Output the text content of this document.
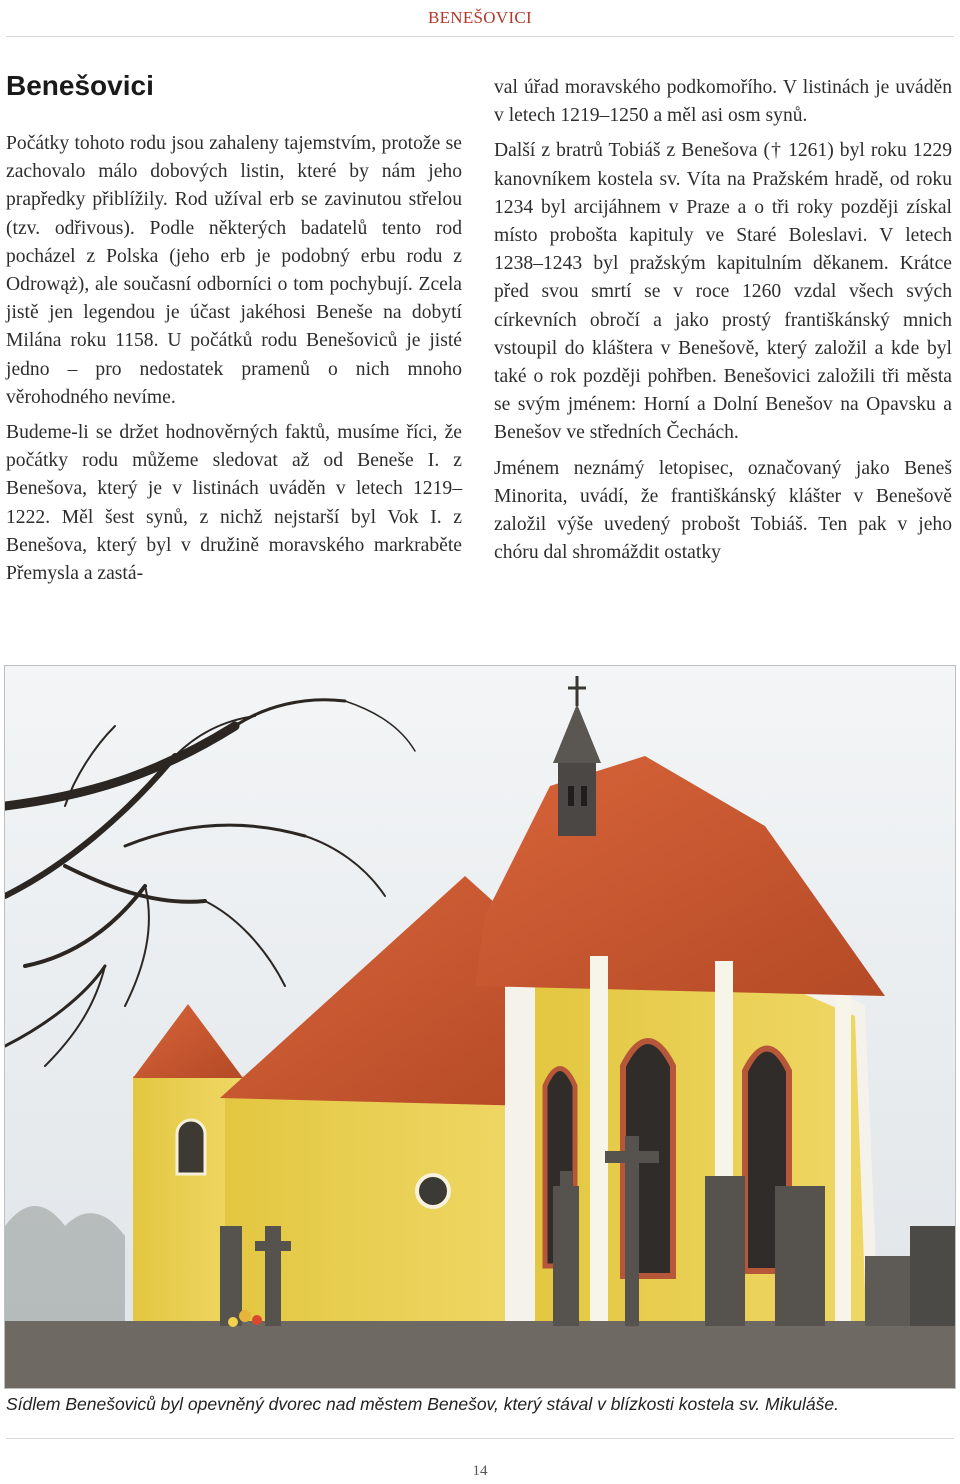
BENEŠOVICI
Benešovici

Počátky tohoto rodu jsou zahaleny tajemstvím, protože se zachovalo málo dobových listin, které by nám jeho prapředky přiblížily. Rod užíval erb se zavinutou střelou (tzv. odřivous). Podle některých badatelů tento rod pocházel z Polska (jeho erb je podobný erbu rodu z Odrowąż), ale současní odborníci o tom pochybují. Zcela jistě jen legendou je účast jakéhosi Beneše na dobytí Milána roku 1158. U počátků rodu Benešoviců je jisté jedno – pro nedostatek pramenů o nich mnoho věrohodného nevíme.

Budeme-li se držet hodnověrných faktů, musíme říci, že počátky rodu můžeme sledovat až od Beneše I. z Benešova, který je v listinách uváděn v letech 1219–1222. Měl šest synů, z nichž nejstarší byl Vok I. z Benešova, který byl v družině moravského markraběte Přemysla a zastá-

val úřad moravského podkomořího. V listinách je uváděn v letech 1219–1250 a měl asi osm synů.

Další z bratrů Tobiáš z Benešova († 1261) byl roku 1229 kanovníkem kostela sv. Víta na Pražském hradě, od roku 1234 byl arcijáhnem v Praze a o tři roky později získal místo probošta kapituly ve Staré Boleslavi. V letech 1238–1243 byl pražským kapitulním děkanem. Krátce před svou smrtí se v roce 1260 vzdal všech svých církevních obročí a jako prostý františkánský mnich vstoupil do kláštera v Benešově, který založil a kde byl také o rok později pohřben. Benešovici založili tři města se svým jménem: Horní a Dolní Benešov na Opavsku a Benešov ve středních Čechách.

Jménem neznámý letopisec, označovaný jako Beneš Minorita, uvádí, že františkánský klášter v Benešově založil výše uvedený probošt Tobiáš. Ten pak v jeho chóru dal shromáždit ostatky

Sídlem Benešoviců byl opevněný dvorec nad městem Benešov, který stával v blízkosti kostela sv. Mikuláše.
14
